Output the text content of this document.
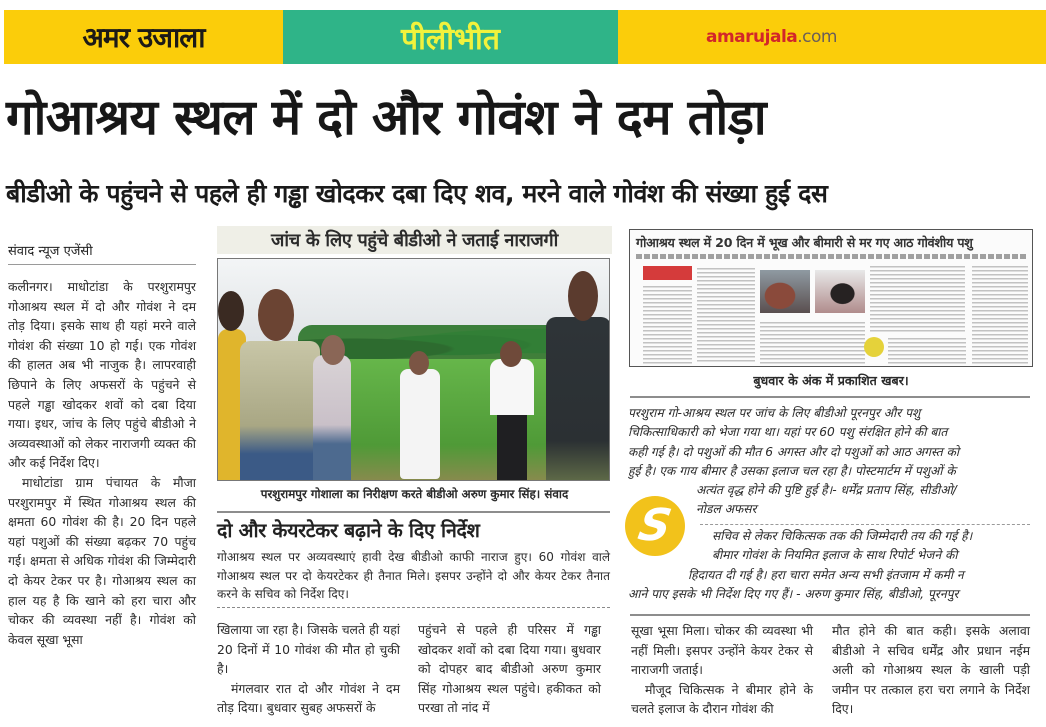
अमर उजाला	पीलीभीत	amarujala.com
गोआश्रय स्थल में दो और गोवंश ने दम तोड़ा
बीडीओ के पहुंचने से पहले ही गड्ढा खोदकर दबा दिए शव, मरने वाले गोवंश की संख्या हुई दस
संवाद न्यूज एजेंसी

कलीनगर। माधोटांडा के परशुरामपुर गोआश्रय स्थल में दो और गोवंश ने दम तोड़ दिया। इसके साथ ही यहां मरने वाले गोवंश की संख्या 10 हो गई। एक गोवंश की हालत अब भी नाजुक है। लापरवाही छिपाने के लिए अफसरों के पहुंचने से पहले गड्ढा खोदकर शवों को दबा दिया गया। इधर, जांच के लिए पहुंचे बीडीओ ने अव्यवस्थाओं को लेकर नाराजगी व्यक्त की और कई निर्देश दिए।

माधोटांडा ग्राम पंचायत के मौजा परशुरामपुर में स्थित गोआश्रय स्थल की क्षमता 60 गोवंश की है। 20 दिन पहले यहां पशुओं की संख्या बढ़कर 70 पहुंच गई। क्षमता से अधिक गोवंश की जिम्मेदारी दो केयर टेकर पर है। गोआश्रय स्थल का हाल यह है कि खाने को हरा चारा और चोकर की व्यवस्था नहीं है। गोवंश को केवल सूखा भूसा

जांच के लिए पहुंचे बीडीओ ने जताई नाराजगी
परशुरामपुर गोशाला का निरीक्षण करते बीडीओ अरुण कुमार सिंह। संवाद
दो और केयरटेकर बढ़ाने के दिए निर्देश

गोआश्रय स्थल पर अव्यवस्थाएं हावी देख बीडीओ काफी नाराज हुए। 60 गोवंश वाले गोआश्रय स्थल पर दो केयरटेकर ही तैनात मिले। इसपर उन्होंने दो और केयर टेकर तैनात करने के सचिव को निर्देश दिए।

खिलाया जा रहा है। जिसके चलते ही यहां 20 दिनों में 10 गोवंश की मौत हो चुकी है।

मंगलवार रात दो और गोवंश ने दम तोड़ दिया। बुधवार सुबह अफसरों के

पहुंचने से पहले ही परिसर में गड्ढा खोदकर शवों को दबा दिया गया। बुधवार को दोपहर बाद बीडीओ अरुण कुमार सिंह गोआश्रय स्थल पहुंचे। हकीकत को परखा तो नांद में

सूखा भूसा मिला। चोकर की व्यवस्था भी नहीं मिली। इसपर उन्होंने केयर टेकर से नाराजगी जताई।

मौजूद चिकित्सक ने बीमार होने के चलते इलाज के दौरान गोवंश की

मौत होने की बात कही। इसके अलावा बीडीओ ने सचिव धर्मेंद्र और प्रधान नईम अली को गोआश्रय स्थल के खाली पड़ी जमीन पर तत्काल हरा चरा लगाने के निर्देश दिए।

गोआश्रय स्थल में 20 दिन में भूख और बीमारी से मर गए आठ गोवंशीय पशु
बुधवार के अंक में प्रकाशित खबर।
परशुराम गो-आश्रय स्थल पर जांच के लिए बीडीओ पूरनपुर और पशु
चिकित्साधिकारी को भेजा गया था। यहां पर 60 पशु संरक्षित होने की बात
कही गई है। दो पशुओं की मौत 6 अगस्त और दो पशुओं को आठ अगस्त को
हुई है। एक गाय बीमार है उसका इलाज चल रहा है। पोस्टमार्टम में पशुओं के
अत्यंत वृद्ध होने की पुष्टि हुई है।- धर्मेंद्र प्रताप सिंह, सीडीओ/
नोडल अफसर
S	सचिव से लेकर चिकित्सक तक की जिम्मेदारी तय की गई है।
बीमार गोवंश के नियमित इलाज के साथ रिपोर्ट भेजने की
हिदायत दी गई है। हरा चारा समेत अन्य सभी इंतजाम में कमी न
आने पाए इसके भी निर्देश दिए गए हैं। - अरुण कुमार सिंह, बीडीओ, पूरनपुर
